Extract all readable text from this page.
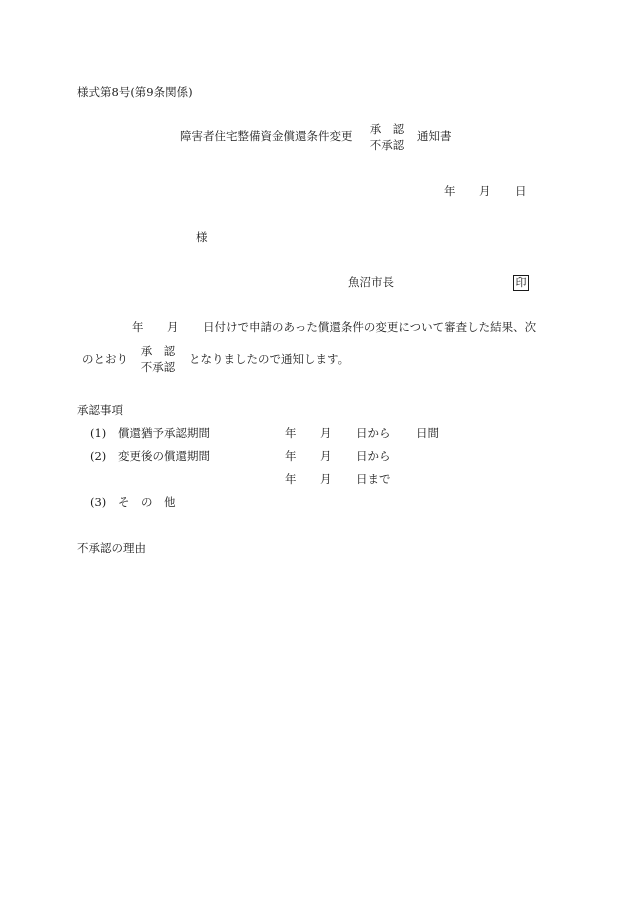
様式第8号(第9条関係)
障害者住宅整備資金償還条件変更 承　認
不承認
通知書
年 月 日
様
魚沼市長	印
年 月 日付けで申請のあった償還条件の変更について審査した結果、次
のとおり
承　認
不承認
となりましたので通知します。
承認事項
(1) 償還猶予承認期間	年 月 日から 日間
(2) 変更後の償還期間	年 月 日から
年 月 日まで
(3) そ　の　他
不承認の理由
